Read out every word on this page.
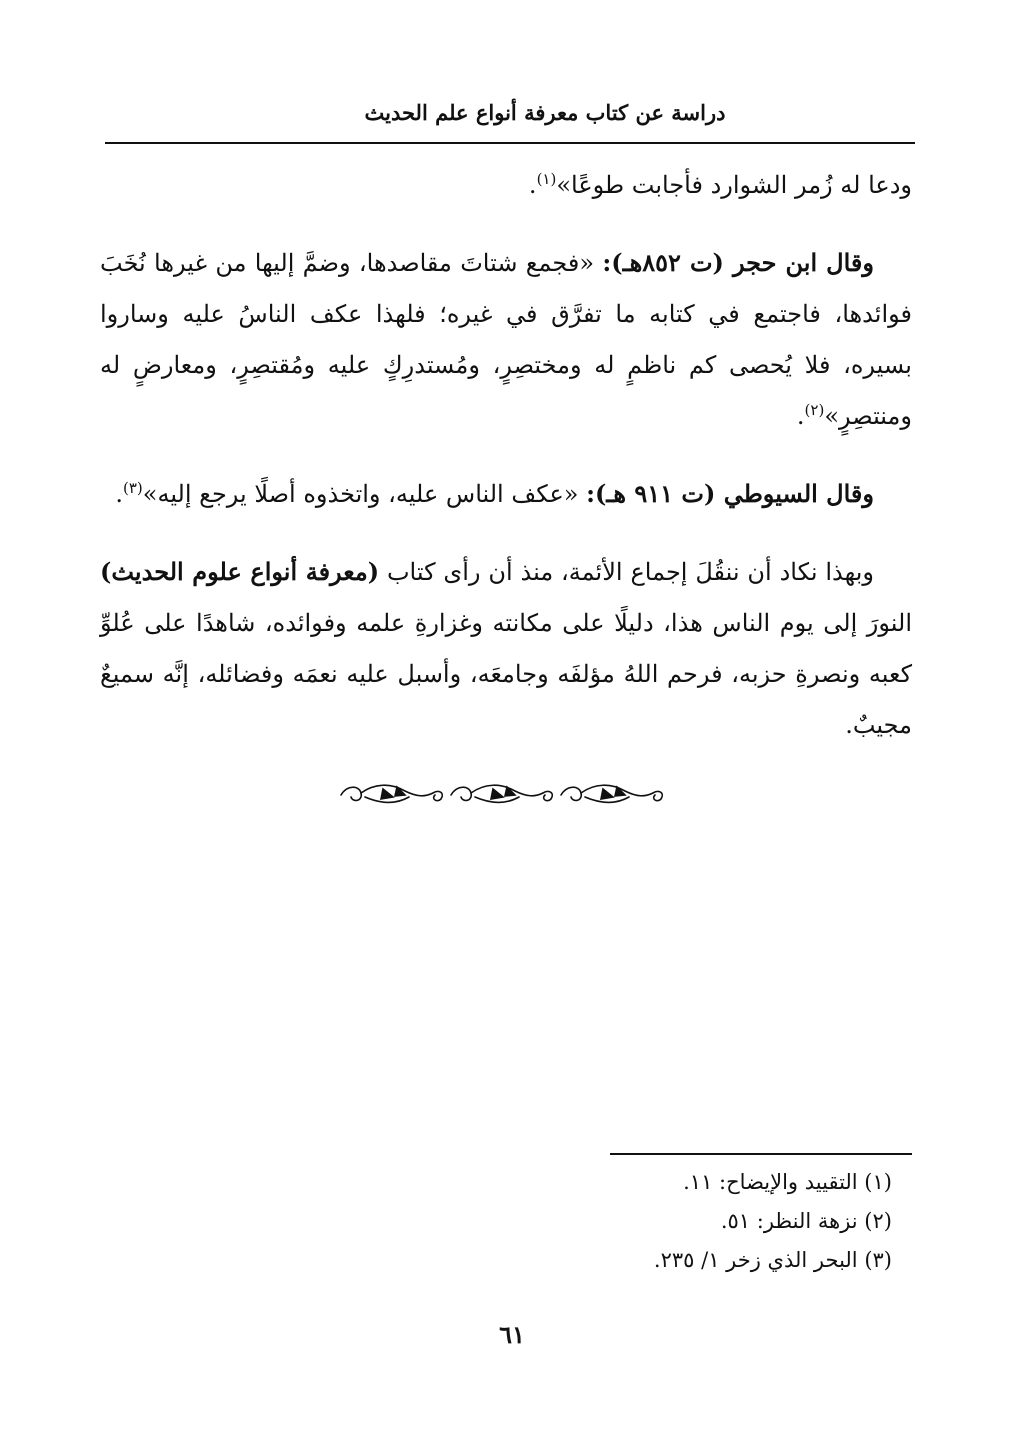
دراسة عن كتاب معرفة أنواع علم الحديث

ودعا له زُمر الشوارد فأجابت طوعًا»$^{(١)}$.

وقال ابن حجر (ت ٨٥٢هـ): «فجمع شتاتَ مقاصدها، وضمَّ إليها من غيرها نُخَبَ فوائدها، فاجتمع في كتابه ما تفرَّق في غيره؛ فلهذا عكف الناسُ عليه وساروا بسيره، فلا يُحصى كم ناظمٍ له ومختصِرٍ، ومُستدرِكٍ عليه ومُقتصِرٍ، ومعارضٍ له ومنتصِرٍ»$^{(٢)}$.

وقال السيوطي (ت ٩١١ هـ): «عكف الناس عليه، واتخذوه أصلًا يرجع إليه»$^{(٣)}$.

وبهذا نكاد أن ننقُلَ إجماع الأئمة، منذ أن رأى كتاب (معرفة أنواع علوم الحديث) النورَ إلى يوم الناس هذا، دليلًا على مكانته وغزارةِ علمه وفوائده، شاهدًا على عُلوِّ كعبه ونصرةِ حزبه، فرحم اللهُ مؤلفَه وجامعَه، وأسبل عليه نعمَه وفضائله، إنَّه سميعٌ مجيبٌ.

(١) التقييد والإيضاح: ١١.

(٢) نزهة النظر: ٥١.

(٣) البحر الذي زخر ١/ ٢٣٥.

٦١
